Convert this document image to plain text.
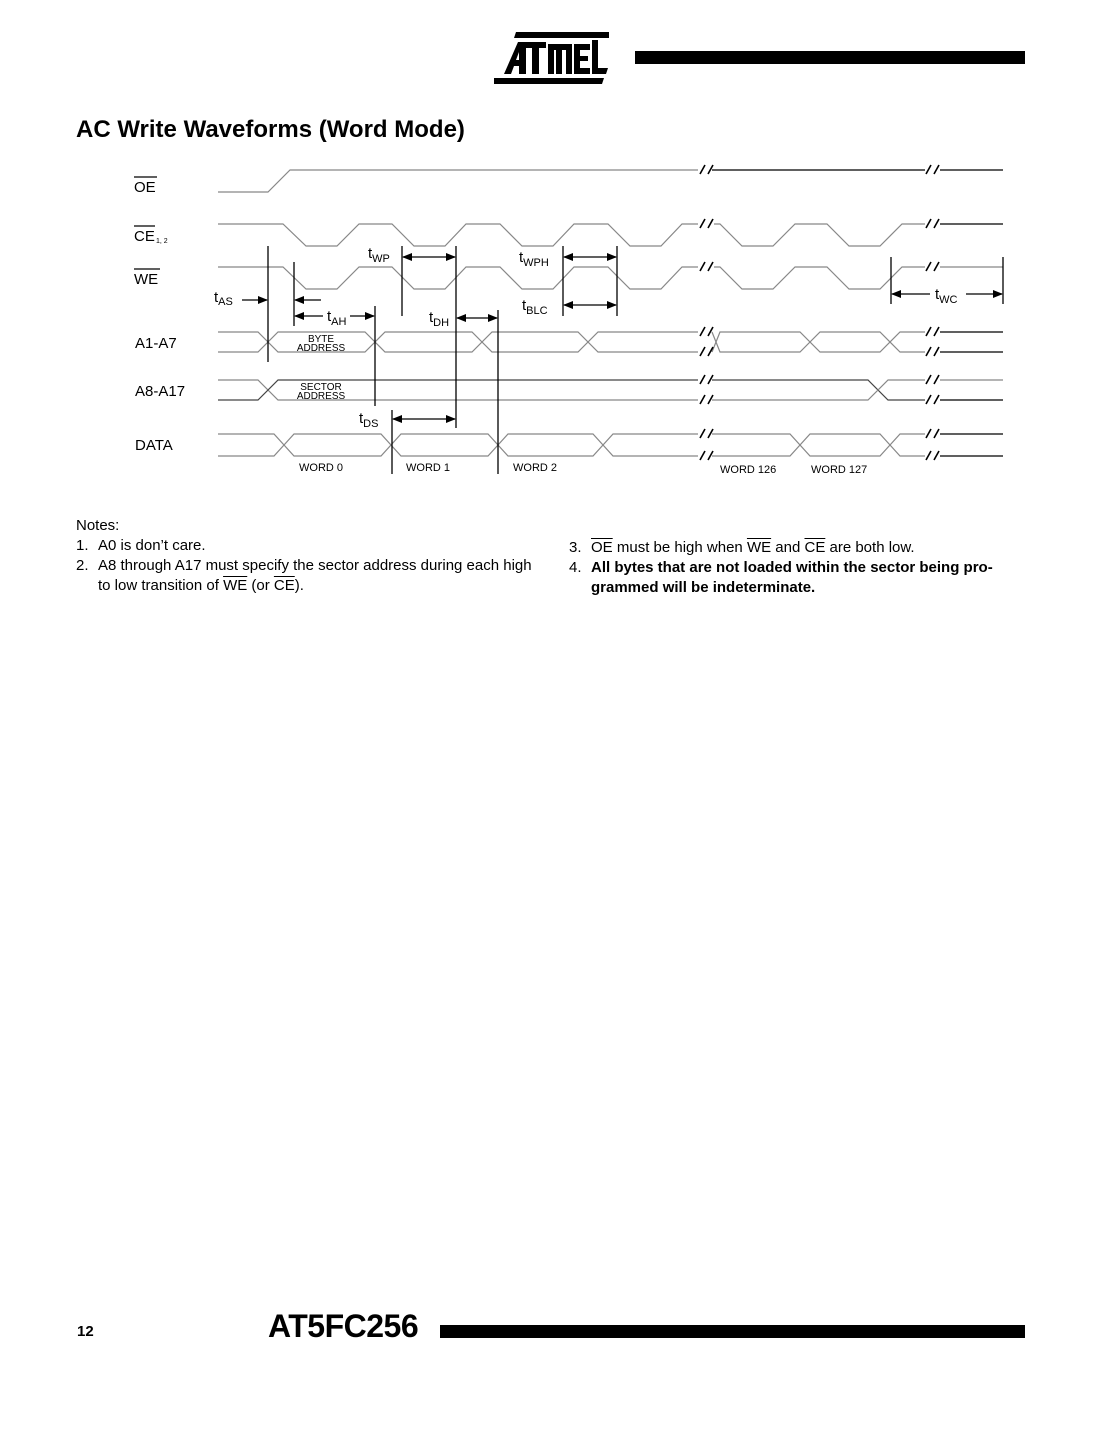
AC Write Waveforms (Word Mode)
OE
CE 1, 2
WE
A1-A7
A8-A17
DATA
$t_{AS}$
$t_{AH}$
$t_{WP}$	$t_{WPH}$
$t_{DH}$
$t_{BLC}$
$t_{DS}$
$t_{WC}$
BYTE
ADDRESS
SECTOR
ADDRESS
WORD 0	WORD 1	WORD 2	WORD 126	WORD 127
Notes:
1. A0 is don’t care.
2. A8 through A17 must specify the sector address during each high to low transition of $\overline{WE}$ (or $\overline{CE}$).
3. $\overline{OE}$ must be high when $\overline{WE}$ and $\overline{CE}$ are both low.
4. All bytes that are not loaded within the sector being pro-grammed will be indeterminate.
12	AT5FC256
